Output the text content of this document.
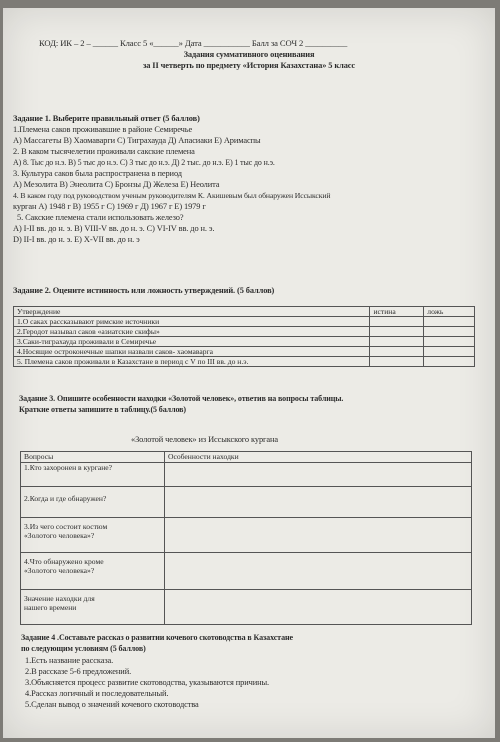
КОД: ИК – 2 – ______ Класс 5 «______» Дата ___________ Балл за СОЧ 2 __________
Задания суммативного оценивания
за II четверть по предмету «История Казахстана» 5 класс
Задание 1. Выберите правильный ответ (5 баллов)
1.Племена саков проживавшие в районе Семиречье
А) Массагеты В) Хаомаварги С) Тиграхауда Д) Апасиаки Е) Аримаспы
2. В каком тысячелетии проживали сакские племена
А) 8. Тыс до н.э. В) 5 тыс до н.э. С) 3 тыс до н.э. Д) 2 тыс. до н.э. Е) 1 тыс до н.э.
3. Культура саков была распространена в период
А) Мезолита В) Энеолита С) Бронзы Д) Железа Е) Неолита
4. В каком году под руководством ученым руководителям К. Акишевым был обнаружен Иссыкский
курган А) 1948 г В) 1955 г С) 1969 г Д) 1967 г Е) 1979 г
5. Сакские племена стали использовать железо?
А) I-II вв. до н. э. В) VIII-V вв. до н. э. С) VI-IV вв. до н. э.
D) II-I вв. до н. э. Е) Х-VII вв. до н. э
Задание 2. Оцените истинность или ложность утверждений. (5 баллов)
Утверждение	истина	ложь
1.О саках рассказывают римские источники		
2.Геродот называл саков «азиатские скифы»		
3.Саки-тиграхауда проживали в Семиречье		
4.Носящие остроконечные шапки назвали саков- хаомаварга		
5. Племена саков проживали в Казахстане в период с V по III вв. до н.э.		
Задание 3. Опишите особенности находки «Золотой человек», ответив на вопросы таблицы.
Краткие ответы запишите в таблицу.(5 баллов)
«Золотой человек» из Иссыкского кургана
Вопросы	Особенности находки

1.Кто захоронен в кургане?	

2.Когда и где обнаружен?	

3.Из чего состоит костюм
«Золотого человека»?	

4.Что обнаружено кроме
«Золотого человека»?	

Значение находки для
нашего времени	

Задание 4 .Составьте рассказ о развитии кочевого скотоводства в Казахстане
по следующим условиям (5 баллов)
1.Есть название рассказа.
2.В рассказе 5-6 предложений.
3.Объясняется процесс развитие скотоводства, указываются причины.
4.Рассказ логичный и последовательный.
5.Сделан вывод о значений кочевого скотоводства
